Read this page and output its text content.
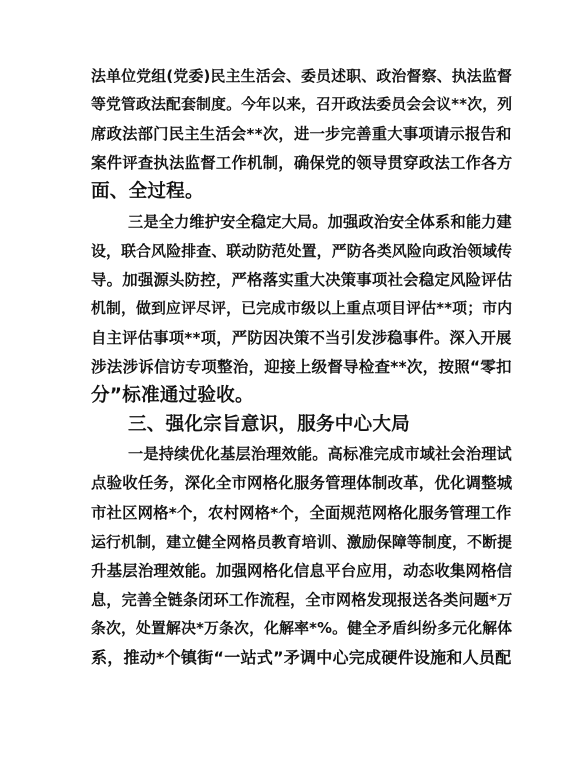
法单位党组(党委)民主生活会、委员述职、政治督察、执法监督
等党管政法配套制度。今年以来，召开政法委员会会议**次，列
席政法部门民主生活会**次，进一步完善重大事项请示报告和
案件评查执法监督工作机制，确保党的领导贯穿政法工作各方
面、全过程。
三是全力维护安全稳定大局。加强政治安全体系和能力建
设，联合风险排查、联动防范处置，严防各类风险向政治领域传
导。加强源头防控，严格落实重大决策事项社会稳定风险评估
机制，做到应评尽评，已完成市级以上重点项目评估**项；市内
自主评估事项**项，严防因决策不当引发涉稳事件。深入开展
涉法涉诉信访专项整治，迎接上级督导检查**次，按照“零扣
分”标准通过验收。
三、强化宗旨意识，服务中心大局
一是持续优化基层治理效能。高标准完成市域社会治理试
点验收任务，深化全市网格化服务管理体制改革，优化调整城
市社区网格*个，农村网格*个，全面规范网格化服务管理工作
运行机制，建立健全网格员教育培训、激励保障等制度，不断提
升基层治理效能。加强网格化信息平台应用，动态收集网格信
息，完善全链条闭环工作流程，全市网格发现报送各类问题*万
条次，处置解决*万条次，化解率*%。健全矛盾纠纷多元化解体
系，推动*个镇街“一站式”矛调中心完成硬件设施和人员配
